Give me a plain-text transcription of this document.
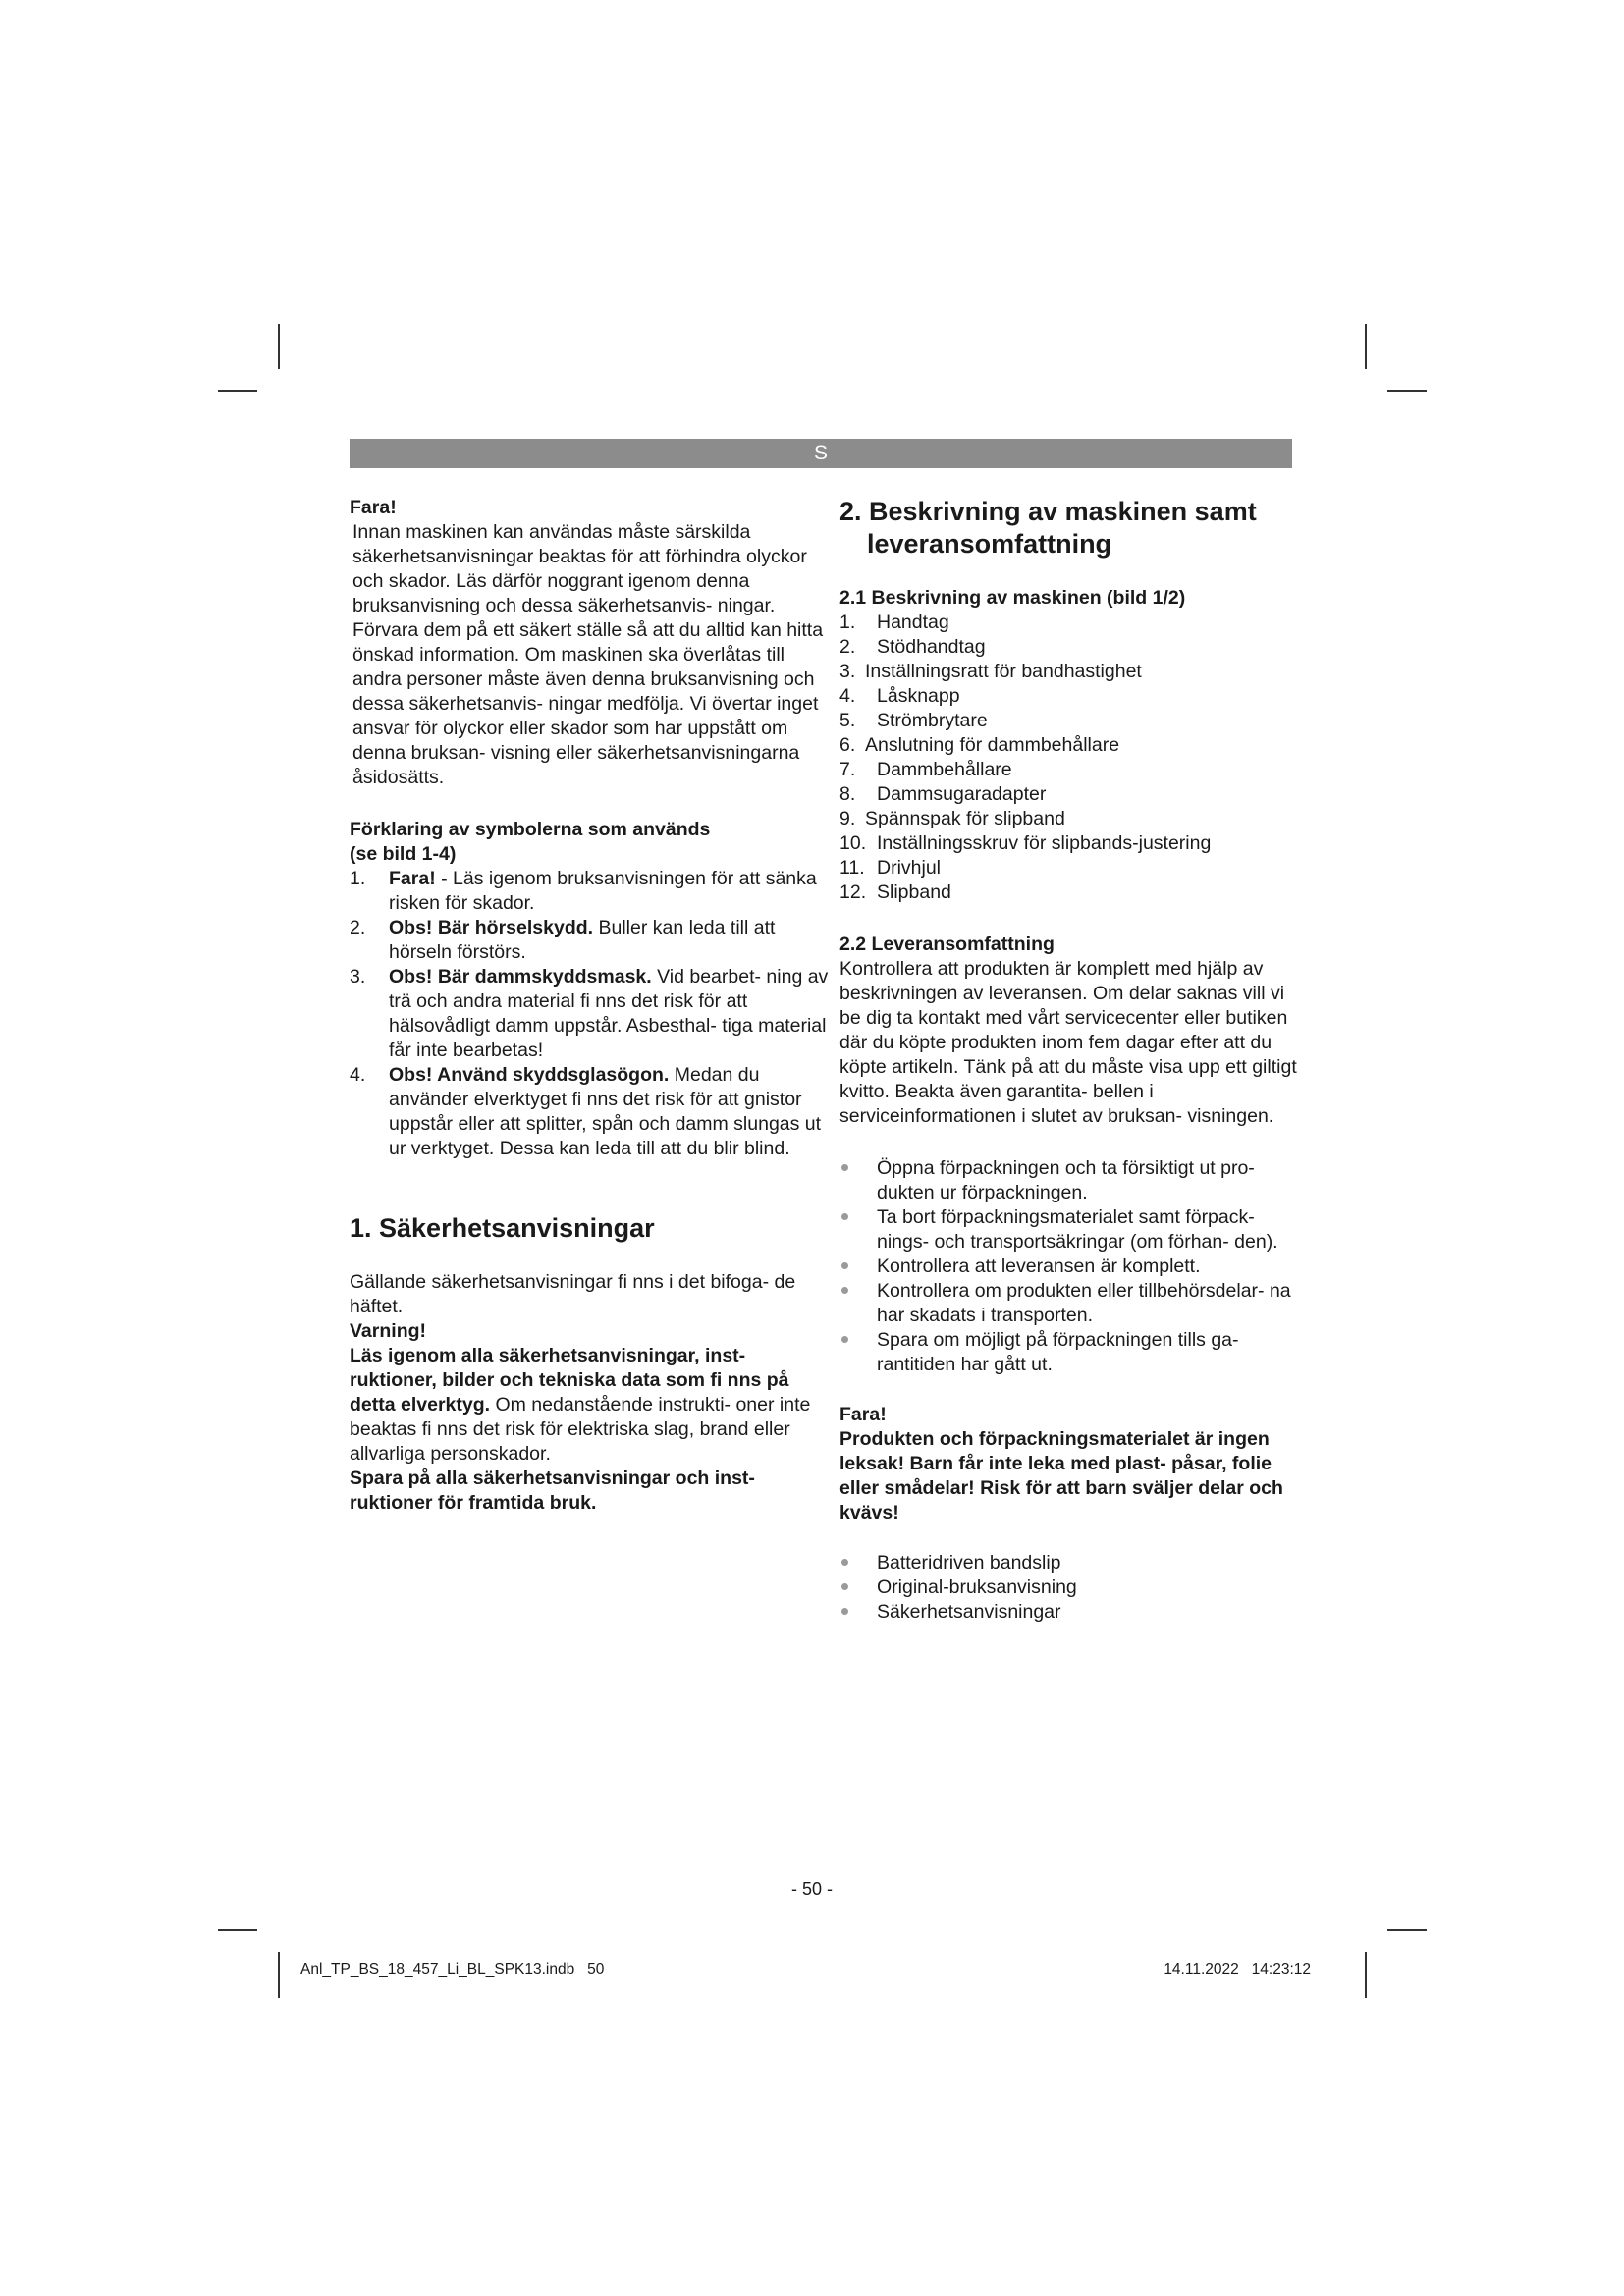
S

Fara!

Innan maskinen kan användas måste särskilda säkerhetsanvisningar beaktas för att förhindra olyckor och skador. Läs därför noggrant igenom denna bruksanvisning och dessa säkerhetsanvis- ningar. Förvara dem på ett säkert ställe så att du alltid kan hitta önskad information. Om maskinen ska överlåtas till andra personer måste även denna bruksanvisning och dessa säkerhetsanvis- ningar medfölja. Vi övertar inget ansvar för olyckor eller skador som har uppstått om denna bruksan- visning eller säkerhetsanvisningarna åsidosätts.

Förklaring av symbolerna som används
(se bild 1-4)

1. Fara! - Läs igenom bruksanvisningen för att sänka risken för skador.
2. Obs! Bär hörselskydd. Buller kan leda till att hörseln förstörs.
3. Obs! Bär dammskyddsmask. Vid bearbet- ning av trä och andra material fi nns det risk för att hälsovådligt damm uppstår. Asbesthal- tiga material får inte bearbetas!
4. Obs! Använd skyddsglasögon. Medan du använder elverktyget fi nns det risk för att gnistor uppstår eller att splitter, spån och damm slungas ut ur verktyget. Dessa kan leda till att du blir blind.

1. Säkerhetsanvisningar

Gällande säkerhetsanvisningar fi nns i det bifoga- de häftet.

Varning!

Läs igenom alla säkerhetsanvisningar, inst- ruktioner, bilder och tekniska data som fi nns på detta elverktyg. Om nedanstående instrukti- oner inte beaktas fi nns det risk för elektriska slag, brand eller allvarliga personskador.

Spara på alla säkerhetsanvisningar och inst- ruktioner för framtida bruk.

2. Beskrivning av maskinen samt
leveransomfattning

2.1 Beskrivning av maskinen (bild 1/2)

1. Handtag
2. Stödhandtag
3. Inställningsratt för bandhastighet
4. Låsknapp
5. Strömbrytare
6. Anslutning för dammbehållare
7. Dammbehållare
8. Dammsugaradapter
9. Spännspak för slipband
10. Inställningsskruv för slipbands-justering
11. Drivhjul
12. Slipband

2.2 Leveransomfattning

Kontrollera att produkten är komplett med hjälp av beskrivningen av leveransen. Om delar saknas vill vi be dig ta kontakt med vårt servicecenter eller butiken där du köpte produkten inom fem dagar efter att du köpte artikeln. Tänk på att du måste visa upp ett giltigt kvitto. Beakta även garantita- bellen i serviceinformationen i slutet av bruksan- visningen.

Öppna förpackningen och ta försiktigt ut pro- dukten ur förpackningen.
Ta bort förpackningsmaterialet samt förpack- nings- och transportsäkringar (om förhan- den).
Kontrollera att leveransen är komplett.
Kontrollera om produkten eller tillbehörsdelar- na har skadats i transporten.
Spara om möjligt på förpackningen tills ga- rantitiden har gått ut.

Fara!

Produkten och förpackningsmaterialet är ingen leksak! Barn får inte leka med plast- påsar, folie eller smådelar! Risk för att barn sväljer delar och kvävs!

Batteridriven bandslip
Original-bruksanvisning
Säkerhetsanvisningar
- 50 -
Anl_TP_BS_18_457_Li_BL_SPK13.indb   50	14.11.2022   14:23:12
